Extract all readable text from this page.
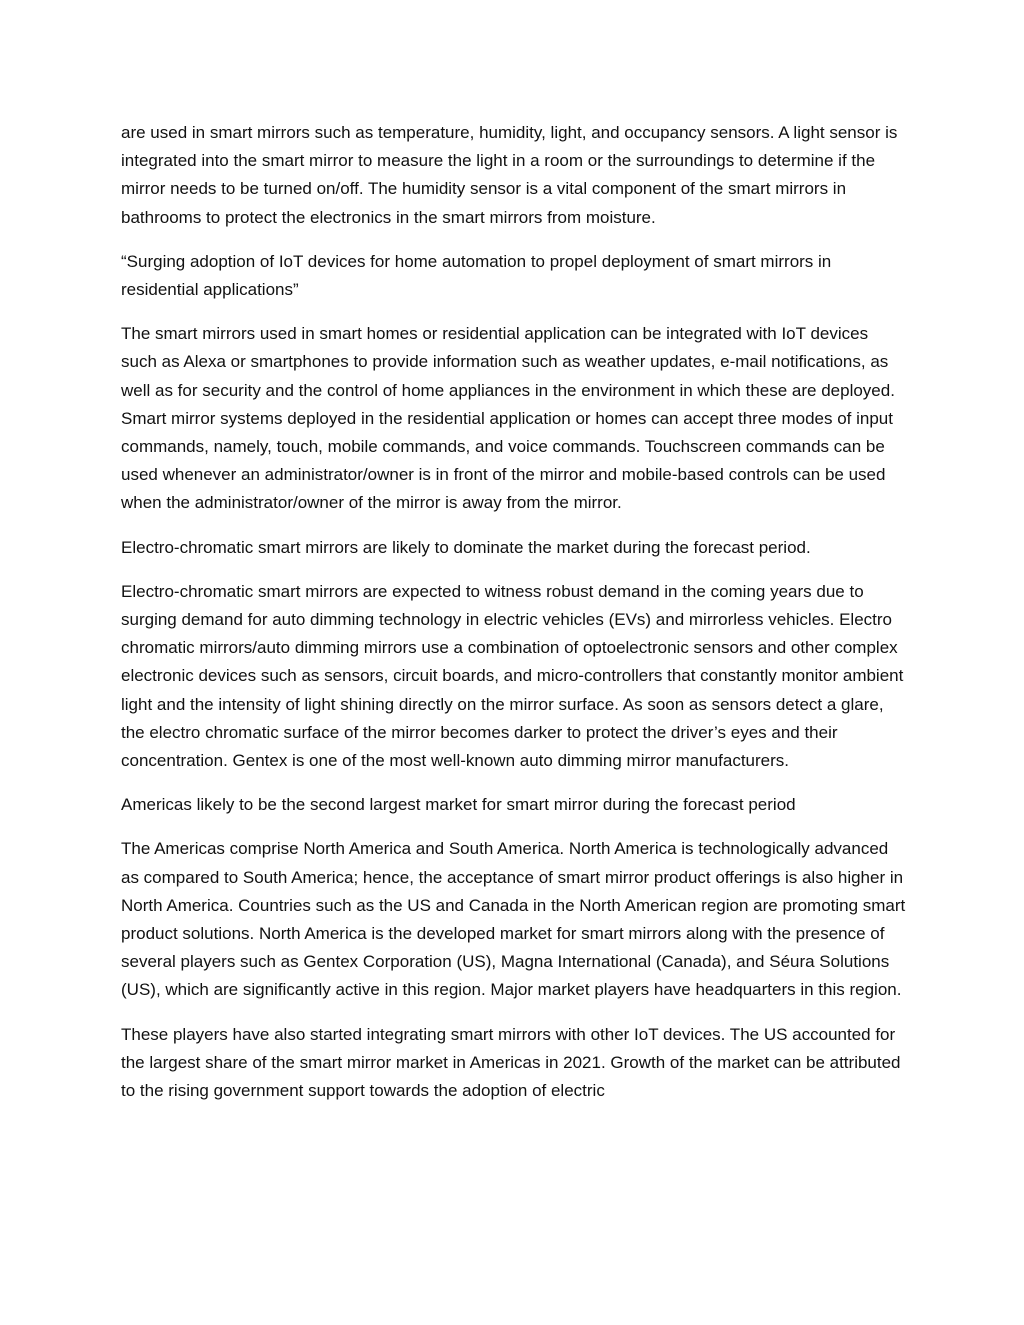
are used in smart mirrors such as temperature, humidity, light, and occupancy sensors. A light sensor is integrated into the smart mirror to measure the light in a room or the surroundings to determine if the mirror needs to be turned on/off. The humidity sensor is a vital component of the smart mirrors in bathrooms to protect the electronics in the smart mirrors from moisture.

“Surging adoption of IoT devices for home automation to propel deployment of smart mirrors in residential applications”

The smart mirrors used in smart homes or residential application can be integrated with IoT devices such as Alexa or smartphones to provide information such as weather updates, e-mail notifications, as well as for security and the control of home appliances in the environment in which these are deployed. Smart mirror systems deployed in the residential application or homes can accept three modes of input commands, namely, touch, mobile commands, and voice commands. Touchscreen commands can be used whenever an administrator/owner is in front of the mirror and mobile-based controls can be used when the administrator/owner of the mirror is away from the mirror.

Electro-chromatic smart mirrors are likely to dominate the market during the forecast period.

Electro-chromatic smart mirrors are expected to witness robust demand in the coming years due to surging demand for auto dimming technology in electric vehicles (EVs) and mirrorless vehicles. Electro chromatic mirrors/auto dimming mirrors use a combination of optoelectronic sensors and other complex electronic devices such as sensors, circuit boards, and micro-controllers that constantly monitor ambient light and the intensity of light shining directly on the mirror surface. As soon as sensors detect a glare, the electro chromatic surface of the mirror becomes darker to protect the driver’s eyes and their concentration. Gentex is one of the most well-known auto dimming mirror manufacturers.

Americas likely to be the second largest market for smart mirror during the forecast period

The Americas comprise North America and South America. North America is technologically advanced as compared to South America; hence, the acceptance of smart mirror product offerings is also higher in North America. Countries such as the US and Canada in the North American region are promoting smart product solutions. North America is the developed market for smart mirrors along with the presence of several players such as Gentex Corporation (US), Magna International (Canada), and Séura Solutions (US), which are significantly active in this region. Major market players have headquarters in this region.

These players have also started integrating smart mirrors with other IoT devices. The US accounted for the largest share of the smart mirror market in Americas in 2021. Growth of the market can be attributed to the rising government support towards the adoption of electric
